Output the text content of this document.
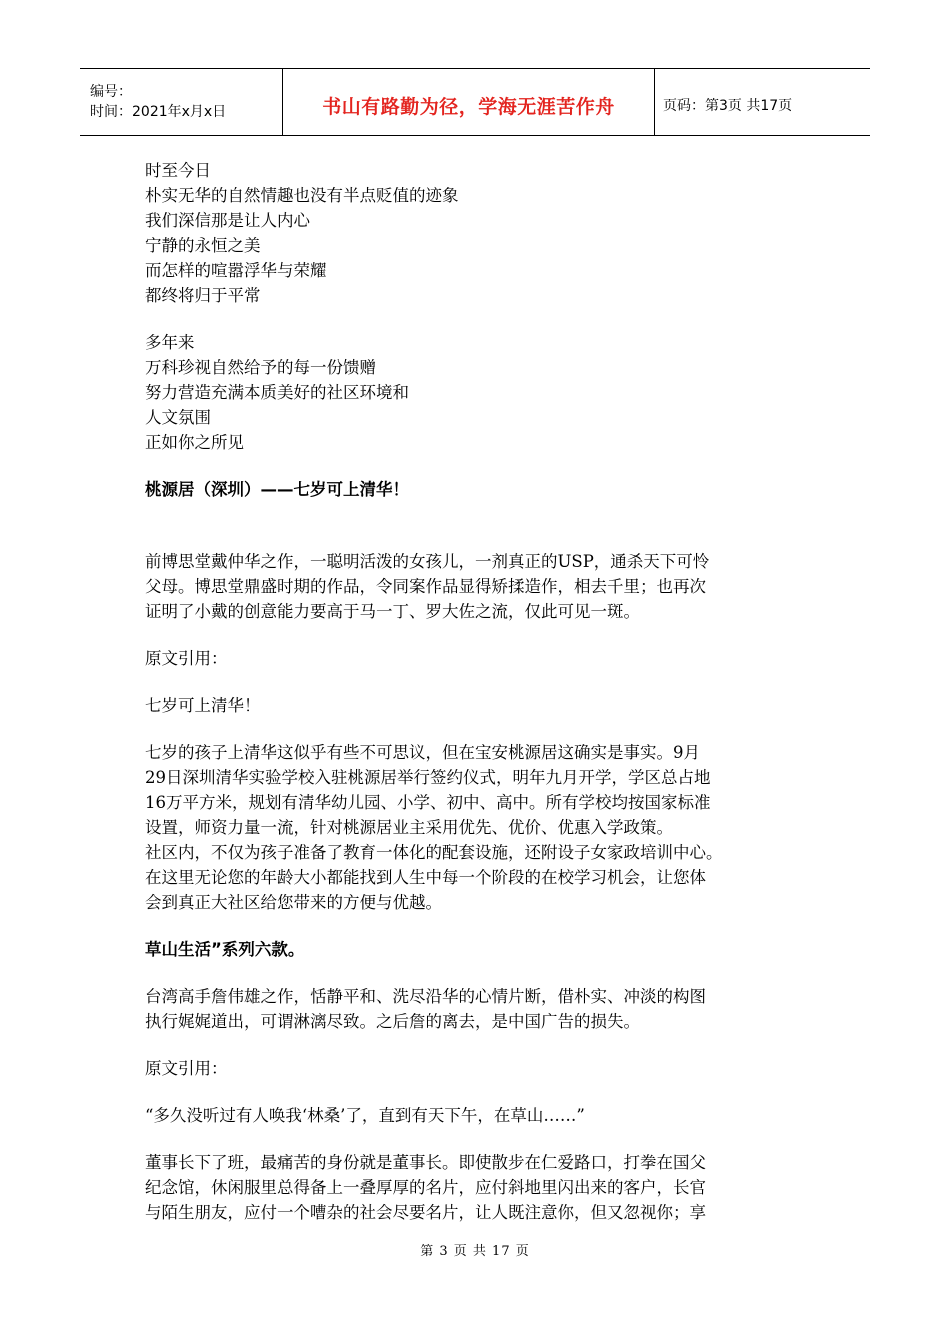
编号：
时间：2021年x月x日	书山有路勤为径，学海无涯苦作舟	页码：第3页 共17页
时至今日
朴实无华的自然情趣也没有半点贬值的迹象
我们深信那是让人内心
宁静的永恒之美
而怎样的喧嚣浮华与荣耀
都终将归于平常
多年来
万科珍视自然给予的每一份馈赠
努力营造充满本质美好的社区环境和
人文氛围
正如你之所见
桃源居（深圳）——七岁可上清华！
前博思堂戴仲华之作，一聪明活泼的女孩儿，一剂真正的USP，通杀天下可怜
父母。博思堂鼎盛时期的作品，令同案作品显得矫揉造作，相去千里；也再次
证明了小戴的创意能力要高于马一丁、罗大佐之流，仅此可见一斑。
原文引用：
七岁可上清华！
七岁的孩子上清华这似乎有些不可思议，但在宝安桃源居这确实是事实。9月
29日深圳清华实验学校入驻桃源居举行签约仪式，明年九月开学，学区总占地
16万平方米，规划有清华幼儿园、小学、初中、高中。所有学校均按国家标准
设置，师资力量一流，针对桃源居业主采用优先、优价、优惠入学政策。
社区内，不仅为孩子准备了教育一体化的配套设施，还附设子女家政培训中心。
在这里无论您的年龄大小都能找到人生中每一个阶段的在校学习机会，让您体
会到真正大社区给您带来的方便与优越。
草山生活”系列六款。
台湾高手詹伟雄之作，恬静平和、洗尽沿华的心情片断，借朴实、冲淡的构图
执行娓娓道出，可谓淋漓尽致。之后詹的离去，是中国广告的损失。
原文引用：
“多久没听过有人唤我‘林桑’了，直到有天下午，在草山……”
董事长下了班，最痛苦的身份就是董事长。即使散步在仁爱路口，打拳在国父
纪念馆，休闲服里总得备上一叠厚厚的名片，应付斜地里闪出来的客户，长官
与陌生朋友，应付一个嘈杂的社会尽要名片，让人既注意你，但又忽视你；享
第 3 页 共 17 页
